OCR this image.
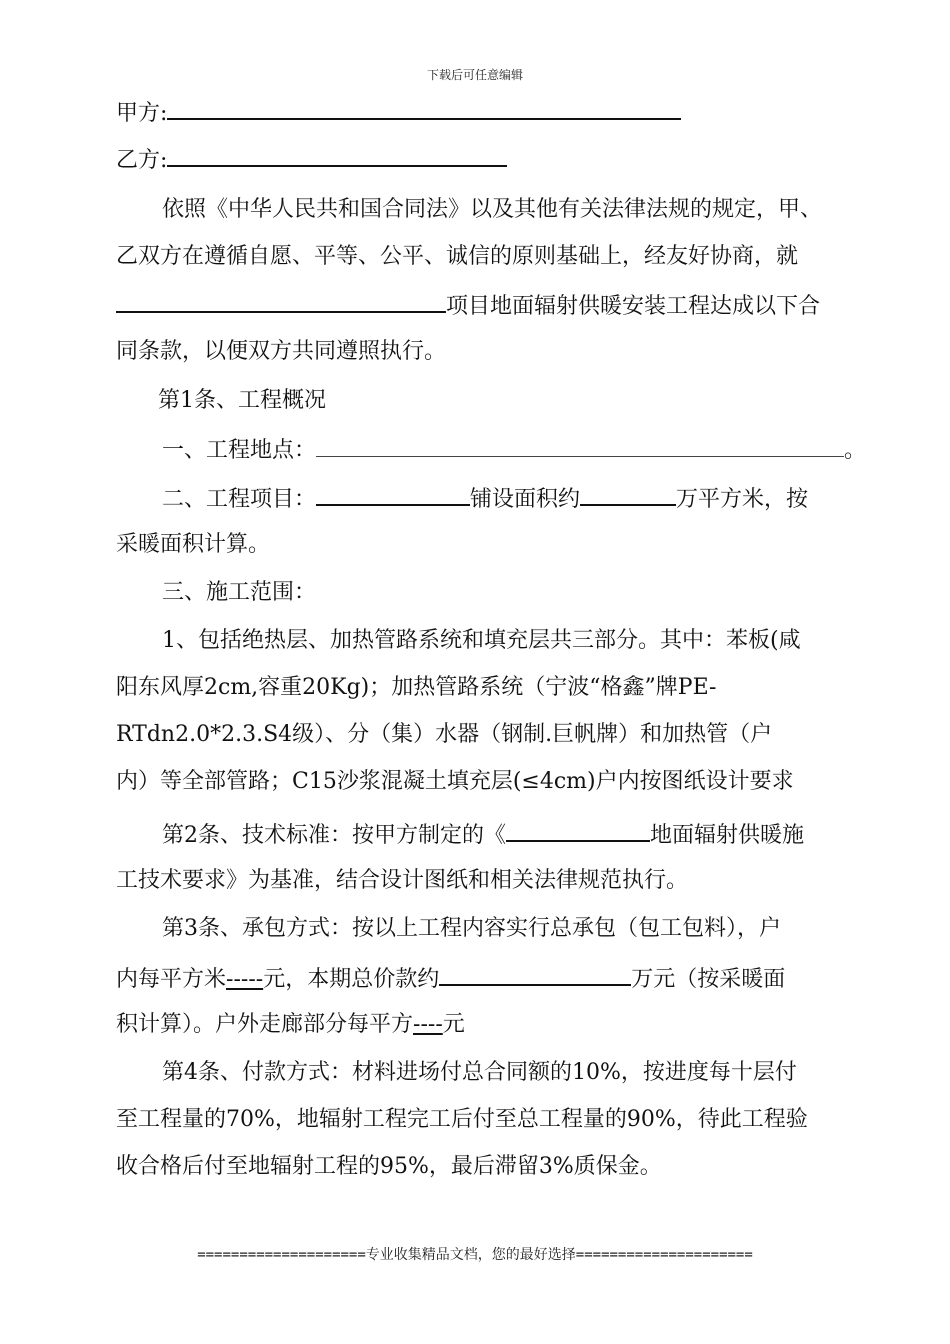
下载后可任意编辑
甲方:
乙方:
依照《中华人民共和国合同法》以及其他有关法律法规的规定，甲、
乙双方在遵循自愿、平等、公平、诚信的原则基础上，经友好协商，就
项目地面辐射供暖安装工程达成以下合
同条款，以便双方共同遵照执行。
第1条、工程概况
一、工程地点：	。
二、工程项目：	铺设面积约	万平方米，按
采暖面积计算。
三、施工范围：
1、包括绝热层、加热管路系统和填充层共三部分。其中：苯板(咸
阳东风厚2cm,容重20Kg)；加热管路系统（宁波“格鑫”牌PE-
RTdn2.0*2.3.S4级）、分（集）水器（钢制.巨帆牌）和加热管（户
内）等全部管路；C15沙浆混凝土填充层(≤4cm)户内按图纸设计要求
第2条、技术标准：按甲方制定的《	地面辐射供暖施
工技术要求》为基准，结合设计图纸和相关法律规范执行。
第3条、承包方式：按以上工程内容实行总承包（包工包料），户
内每平方米-----元，本期总价款约	万元（按采暖面
积计算）。户外走廊部分每平方----元
第4条、付款方式：材料进场付总合同额的10%，按进度每十层付
至工程量的70%，地辐射工程完工后付至总工程量的90%，待此工程验
收合格后付至地辐射工程的95%，最后滞留3%质保金。
====================专业收集精品文档，您的最好选择=====================
